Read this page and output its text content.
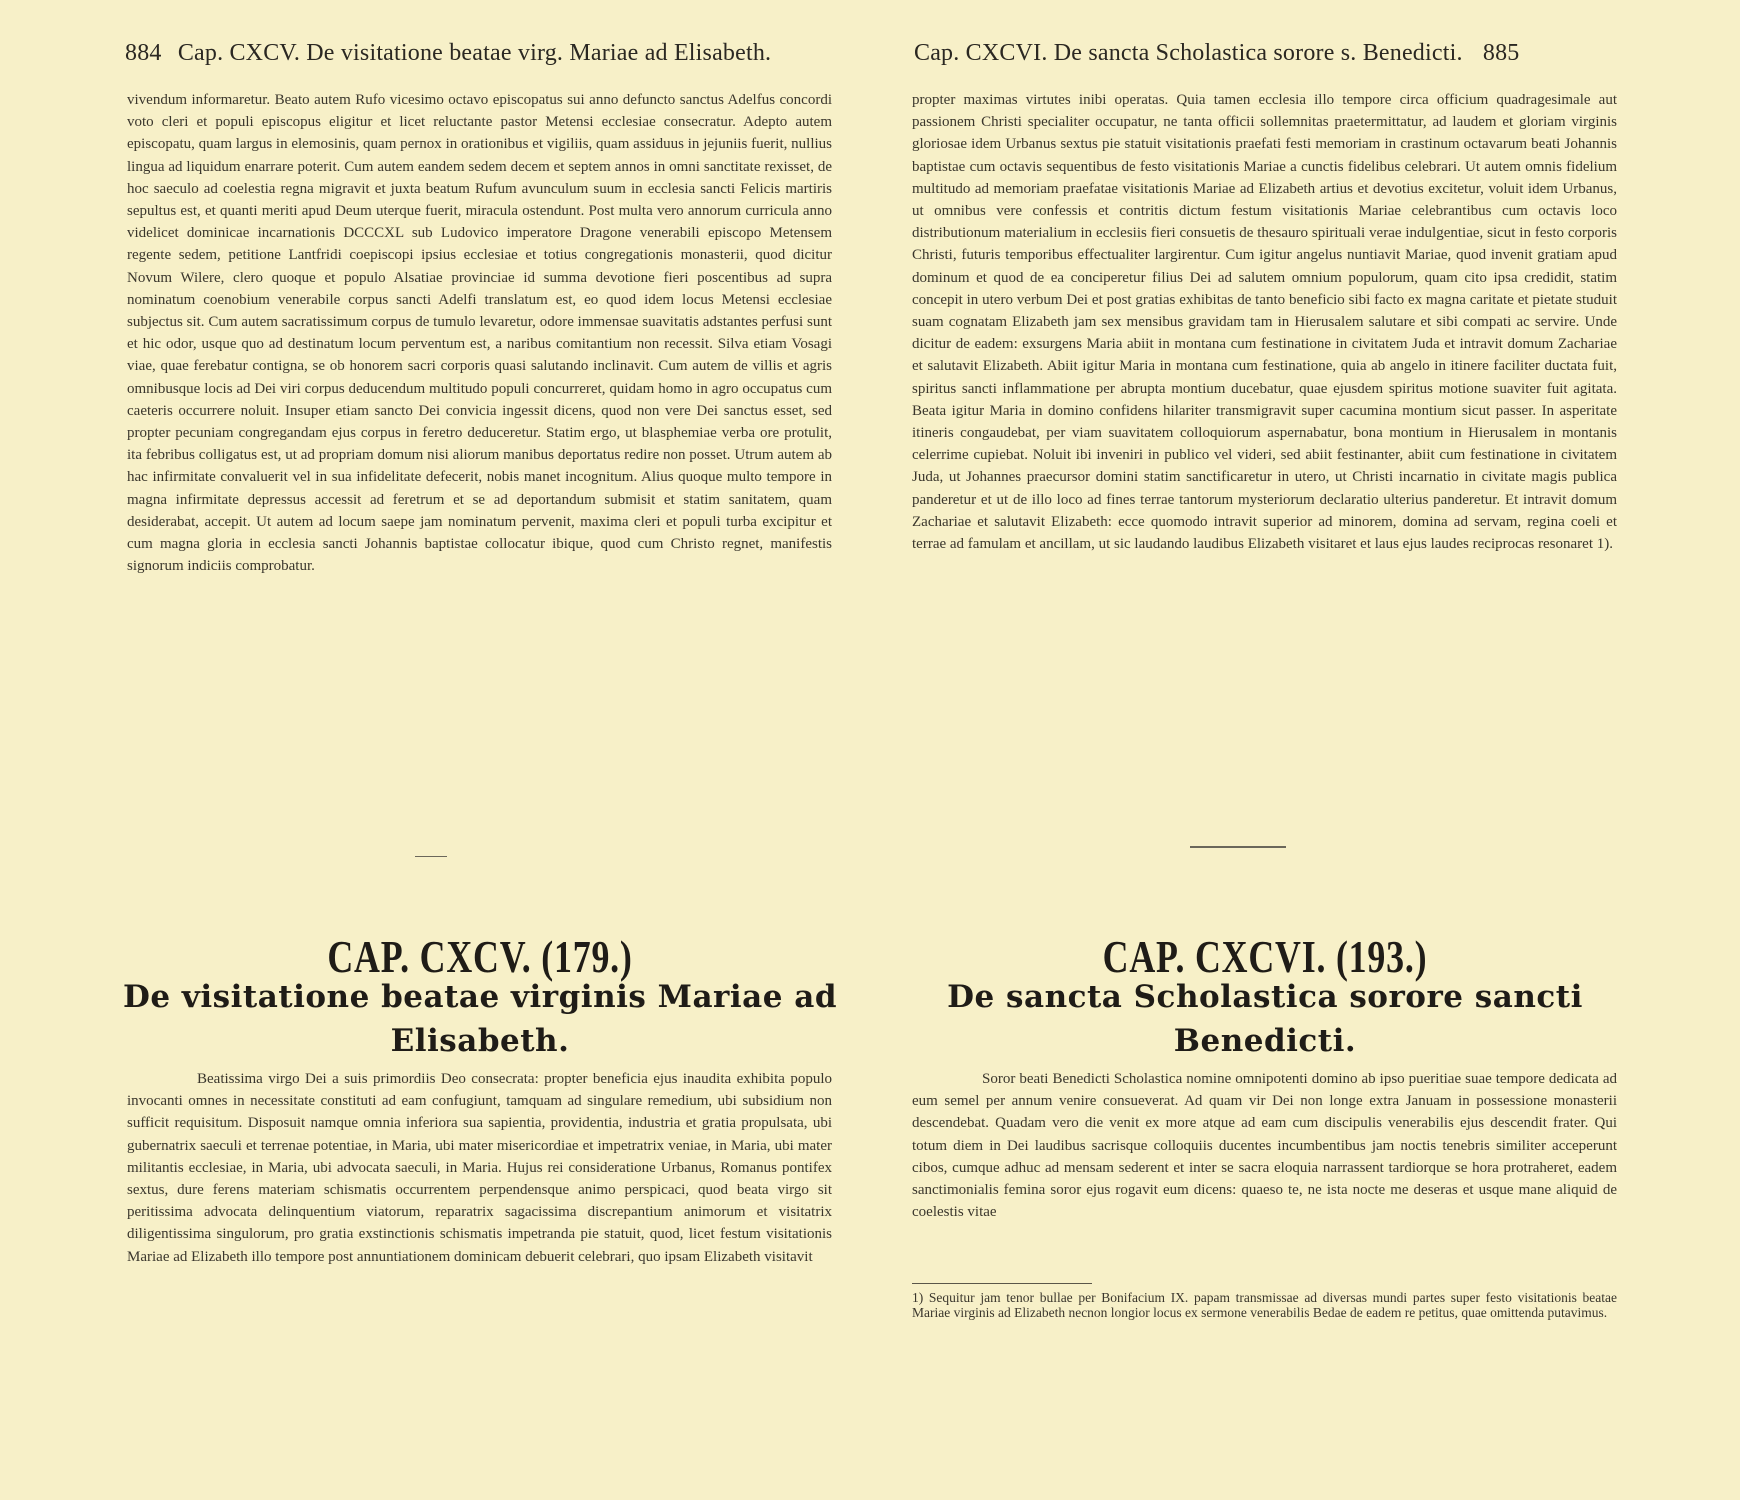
884 Cap. CXCV. De visitatione beatae virg. Mariae ad Elisabeth.

vivendum informaretur. Beato autem Rufo vicesimo octavo episcopatus sui anno defuncto sanctus Adelfus concordi voto cleri et populi episcopus eligitur et licet reluctante pastor Metensi ecclesiae consecratur. Adepto autem episcopatu, quam largus in elemosinis, quam pernox in orationibus et vigiliis, quam assiduus in jejuniis fuerit, nullius lingua ad liquidum enarrare poterit. Cum autem eandem sedem decem et septem annos in omni sanctitate rexisset, de hoc saeculo ad coelestia regna migravit et juxta beatum Rufum avunculum suum in ecclesia sancti Felicis martiris sepultus est, et quanti meriti apud Deum uterque fuerit, miracula ostendunt. Post multa vero annorum curricula anno videlicet dominicae incarnationis DCCCXL sub Ludovico imperatore Dragone venerabili episcopo Metensem regente sedem, petitione Lantfridi coepiscopi ipsius ecclesiae et totius congregationis monasterii, quod dicitur Novum Wilere, clero quoque et populo Alsatiae provinciae id summa devotione fieri poscentibus ad supra nominatum coenobium venerabile corpus sancti Adelfi translatum est, eo quod idem locus Metensi ecclesiae subjectus sit. Cum autem sacratissimum corpus de tumulo levaretur, odore immensae suavitatis adstantes perfusi sunt et hic odor, usque quo ad destinatum locum perventum est, a naribus comitantium non recessit. Silva etiam Vosagi viae, quae ferebatur contigna, se ob honorem sacri corporis quasi salutando inclinavit. Cum autem de villis et agris omnibusque locis ad Dei viri corpus deducendum multitudo populi concurreret, quidam homo in agro occupatus cum caeteris occurrere noluit. Insuper etiam sancto Dei convicia ingessit dicens, quod non vere Dei sanctus esset, sed propter pecuniam congregandam ejus corpus in feretro deduceretur. Statim ergo, ut blasphemiae verba ore protulit, ita febribus colligatus est, ut ad propriam domum nisi aliorum manibus deportatus redire non posset. Utrum autem ab hac infirmitate convaluerit vel in sua infidelitate defecerit, nobis manet incognitum. Alius quoque multo tempore in magna infirmitate depressus accessit ad feretrum et se ad deportandum submisit et statim sanitatem, quam desiderabat, accepit. Ut autem ad locum saepe jam nominatum pervenit, maxima cleri et populi turba excipitur et cum magna gloria in ecclesia sancti Johannis baptistae collocatur ibique, quod cum Christo regnet, manifestis signorum indiciis comprobatur.

CAP. CXCV. (179.)
De visitatione beatae virginis Mariae ad Elisabeth.

Beatissima virgo Dei a suis primordiis Deo consecrata: propter beneficia ejus inaudita exhibita populo invocanti omnes in necessitate constituti ad eam confugiunt, tamquam ad singulare remedium, ubi subsidium non sufficit requisitum. Disposuit namque omnia inferiora sua sapientia, providentia, industria et gratia propulsata, ubi gubernatrix saeculi et terrenae potentiae, in Maria, ubi mater misericordiae et impetratrix veniae, in Maria, ubi mater militantis ecclesiae, in Maria, ubi advocata saeculi, in Maria. Hujus rei consideratione Urbanus, Romanus pontifex sextus, dure ferens materiam schismatis occurrentem perpendensque animo perspicaci, quod beata virgo sit peritissima advocata delinquentium viatorum, reparatrix sagacissima discrepantium animorum et visitatrix diligentissima singulorum, pro gratia exstinctionis schismatis impetranda pie statuit, quod, licet festum visitationis Mariae ad Elizabeth illo tempore post annuntiationem dominicam debuerit celebrari, quo ipsam Elizabeth visitavit

Cap. CXCVI. De sancta Scholastica sorore s. Benedicti. 885

propter maximas virtutes inibi operatas. Quia tamen ecclesia illo tempore circa officium quadragesimale aut passionem Christi specialiter occupatur, ne tanta officii sollemnitas praetermittatur, ad laudem et gloriam virginis gloriosae idem Urbanus sextus pie statuit visitationis praefati festi memoriam in crastinum octavarum beati Johannis baptistae cum octavis sequentibus de festo visitationis Mariae a cunctis fidelibus celebrari. Ut autem omnis fidelium multitudo ad memoriam praefatae visitationis Mariae ad Elizabeth artius et devotius excitetur, voluit idem Urbanus, ut omnibus vere confessis et contritis dictum festum visitationis Mariae celebrantibus cum octavis loco distributionum materialium in ecclesiis fieri consuetis de thesauro spirituali verae indulgentiae, sicut in festo corporis Christi, futuris temporibus effectualiter largirentur. Cum igitur angelus nuntiavit Mariae, quod invenit gratiam apud dominum et quod de ea conciperetur filius Dei ad salutem omnium populorum, quam cito ipsa credidit, statim concepit in utero verbum Dei et post gratias exhibitas de tanto beneficio sibi facto ex magna caritate et pietate studuit suam cognatam Elizabeth jam sex mensibus gravidam tam in Hierusalem salutare et sibi compati ac servire. Unde dicitur de eadem: exsurgens Maria abiit in montana cum festinatione in civitatem Juda et intravit domum Zachariae et salutavit Elizabeth. Abiit igitur Maria in montana cum festinatione, quia ab angelo in itinere faciliter ductata fuit, spiritus sancti inflammatione per abrupta montium ducebatur, quae ejusdem spiritus motione suaviter fuit agitata. Beata igitur Maria in domino confidens hilariter transmigravit super cacumina montium sicut passer. In asperitate itineris congaudebat, per viam suavitatem colloquiorum aspernabatur, bona montium in Hierusalem in montanis celerrime cupiebat. Noluit ibi inveniri in publico vel videri, sed abiit festinanter, abiit cum festinatione in civitatem Juda, ut Johannes praecursor domini statim sanctificaretur in utero, ut Christi incarnatio in civitate magis publica panderetur et ut de illo loco ad fines terrae tantorum mysteriorum declaratio ulterius panderetur. Et intravit domum Zachariae et salutavit Elizabeth: ecce quomodo intravit superior ad minorem, domina ad servam, regina coeli et terrae ad famulam et ancillam, ut sic laudando laudibus Elizabeth visitaret et laus ejus laudes reciprocas resonaret 1).

CAP. CXCVI. (193.)
De sancta Scholastica sorore sancti Benedicti.

Soror beati Benedicti Scholastica nomine omnipotenti domino ab ipso pueritiae suae tempore dedicata ad eum semel per annum venire consueverat. Ad quam vir Dei non longe extra Januam in possessione monasterii descendebat. Quadam vero die venit ex more atque ad eam cum discipulis venerabilis ejus descendit frater. Qui totum diem in Dei laudibus sacrisque colloquiis ducentes incumbentibus jam noctis tenebris similiter acceperunt cibos, cumque adhuc ad mensam sederent et inter se sacra eloquia narrassent tardiorque se hora protraheret, eadem sanctimonialis femina soror ejus rogavit eum dicens: quaeso te, ne ista nocte me deseras et usque mane aliquid de coelestis vitae

1) Sequitur jam tenor bullae per Bonifacium IX. papam transmissae ad diversas mundi partes super festo visitationis beatae Mariae virginis ad Elizabeth necnon longior locus ex sermone venerabilis Bedae de eadem re petitus, quae omittenda putavimus.
